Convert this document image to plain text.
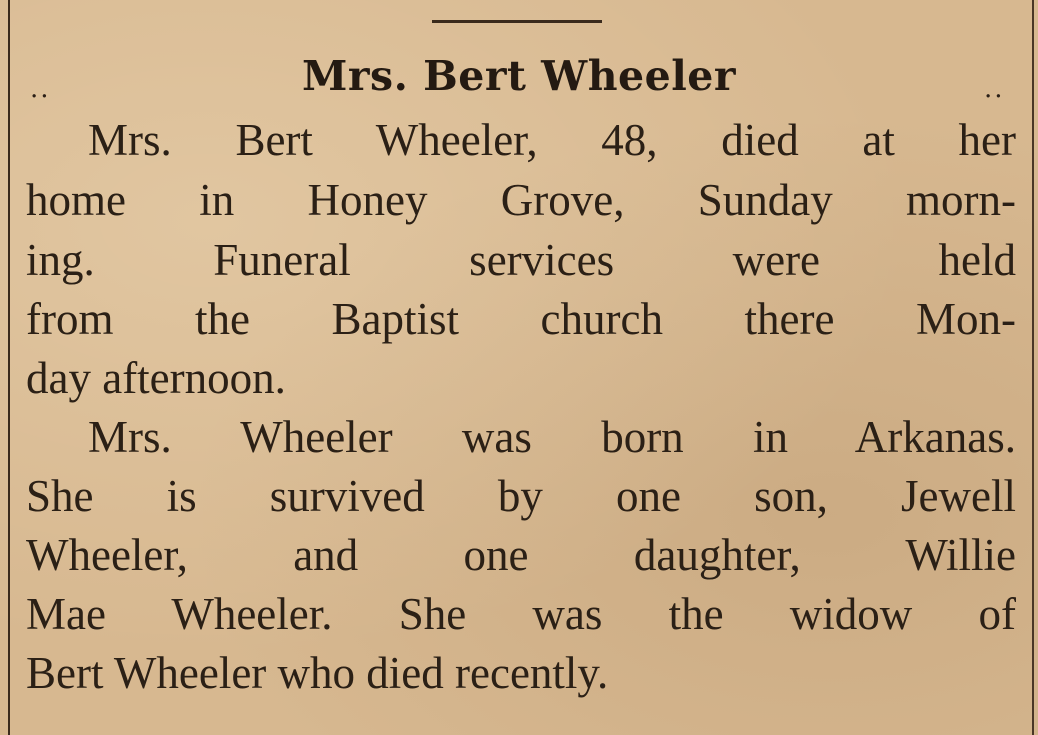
..	Mrs. Bert Wheeler	..
Mrs. Bert Wheeler, 48, died at her
home in Honey Grove, Sunday morn-
ing. Funeral services were held
from the Baptist church there Mon-
day afternoon.
Mrs. Wheeler was born in Arkanas.
She is survived by one son, Jewell
Wheeler, and one daughter, Willie
Mae Wheeler. She was the widow of
Bert Wheeler who died recently.
